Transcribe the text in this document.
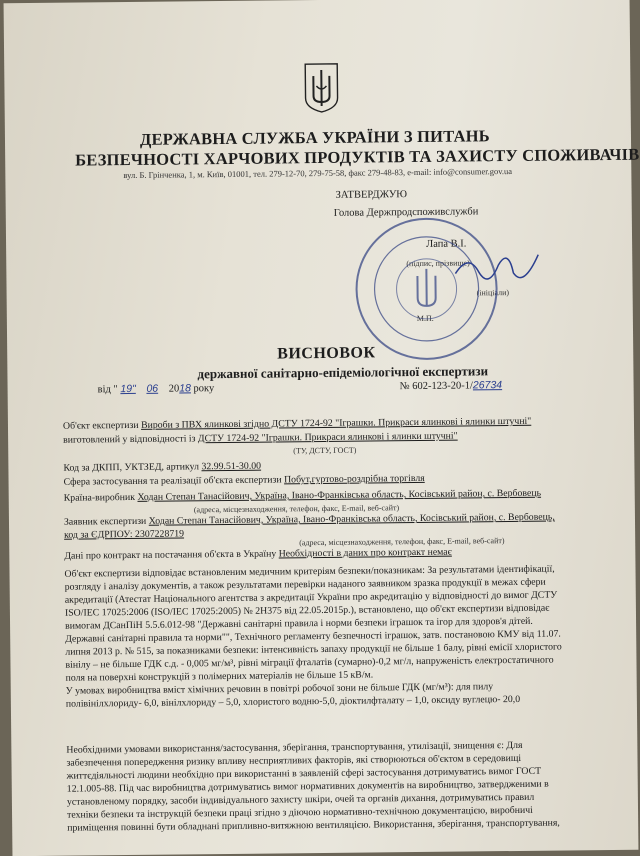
ДЕРЖАВНА СЛУЖБА УКРАЇНИ З ПИТАНЬ
БЕЗПЕЧНОСТІ ХАРЧОВИХ ПРОДУКТІВ ТА ЗАХИСТУ СПОЖИВАЧІВ
вул. Б. Грінченка, 1, м. Київ, 01001, тел. 279-12-70, 279-75-58, факс 279-48-83, e-mail: info@consumer.gov.ua
ЗАТВЕРДЖУЮ
Голова Держпродспоживслужби
Лапа В.І.
(підпис, прізвище)
(ініціали)
М.П.
ВИСНОВОК
державної санітарно-епідеміологічної експертизи
від " 19" 06 2018 року	№ 602-123-20-1/26734
Об'єкт експертизи Вироби з ПВХ ялинкові згідно ДСТУ 1724-92 "Іграшки. Прикраси ялинкові і ялинки штучні"
виготовлений у відповідності із ДСТУ 1724-92 "Іграшки. Прикраси ялинкові і ялинки штучні"
(ТУ, ДСТУ, ГОСТ)
Код за ДКПП, УКТЗЕД, артикул 32.99.51-30.00
Сфера застосування та реалізації об'єкта експертизи Побут,гуртово-роздрібна торгівля
Країна-виробник Ходан Степан Танасійович, Україна, Івано-Франківська область, Косівський район, с. Вербовець
(адреса, місцезнаходження, телефон, факс, E-mail, веб-сайт)
Заявник експертизи Ходан Степан Танасійович, Україна, Івано-Франківська область, Косівський район, с. Вербовець,
код за ЄДРПОУ: 2307228719
(адреса, місцезнаходження, телефон, факс, E-mail, веб-сайт)
Дані про контракт на постачання об'єкта в Україну Необхідності в даних про контракт немає
Об'єкт експертизи відповідає встановленим медичним критеріям безпеки/показникам: За результатами ідентифікації,
розгляду і аналізу документів, а також результатами перевірки наданого заявником зразка продукції в межах сфери
акредитації (Атестат Національного агентства з акредитації України про акредитацію у відповідності до вимог ДСТУ
ISO/IEC 17025:2006 (ISO/IEC 17025:2005) № 2H375 від 22.05.2015р.), встановлено, що об'єкт експертизи відповідає
вимогам ДСанПіН 5.5.6.012-98 "Державні санітарні правила і норми безпеки іграшок та ігор для здоров'я дітей.
Державні санітарні правила та норми"", Технічного регламенту безпечності іграшок, затв. постановою КМУ від 11.07.
липня 2013 р. № 515, за показниками безпеки: інтенсивність запаху продукції не більше 1 балу, рівні емісії хлористого
вінілу – не більше ГДК с.д. - 0,005 мг/м³, рівні міграції фталатів (сумарно)-0,2 мг/л, напруженість електростатичного
поля на поверхні конструкцій з полімерних матеріалів не більше 15 кВ/м.
У умовах виробництва вміст хімічних речовин в повітрі робочої зони не більше ГДК (мг/м³): для пилу
полівінілхлориду- 6,0, вінілхлориду – 5,0, хлористого водню-5,0, діоктилфталату – 1,0, оксиду вуглецю- 20,0
Необхідними умовами використання/застосування, зберігання, транспортування, утилізації, знищення є: Для
забезпечення попередження ризику впливу несприятливих факторів, які створюються об'єктом в середовищі
життєдіяльності людини необхідно при використанні в заявленій сфері застосування дотримуватись вимог ГОСТ
12.1.005-88. Під час виробництва дотримуватись вимог нормативних документів на виробництво, затвердженими в
установленому порядку, засоби індивідуального захисту шкіри, очей та органів дихання, дотримуватись правил
техніки безпеки та інструкцій безпеки праці згідно з діючою нормативно-технічною документацією, виробничі
приміщення повинні бути обладнані припливно-витяжною вентиляцією. Використання, зберігання, транспортування,
